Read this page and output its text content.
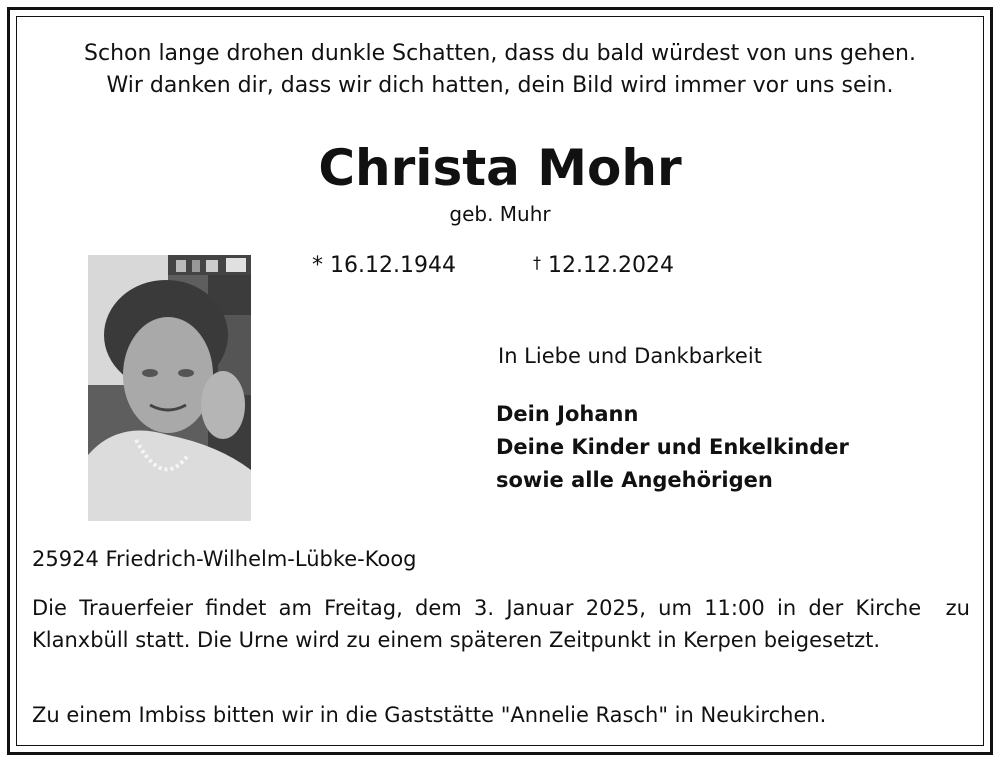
Schon lange drohen dunkle Schatten, dass du bald würdest von uns gehen.
Wir danken dir, dass wir dich hatten, dein Bild wird immer vor uns sein.
Christa Mohr
geb. Muhr
* 16.12.1944	† 12.12.2024
In Liebe und Dankbarkeit
Dein Johann
Deine Kinder und Enkelkinder
sowie alle Angehörigen
25924 Friedrich-Wilhelm-Lübke-Koog
Die Trauerfeier findet am Freitag, dem 3. Januar 2025, um 11:00 in der Kirche  zu Klanxbüll statt. Die Urne wird zu einem späteren Zeitpunkt in Kerpen beigesetzt.
Zu einem Imbiss bitten wir in die Gaststätte "Annelie Rasch" in Neukirchen.
